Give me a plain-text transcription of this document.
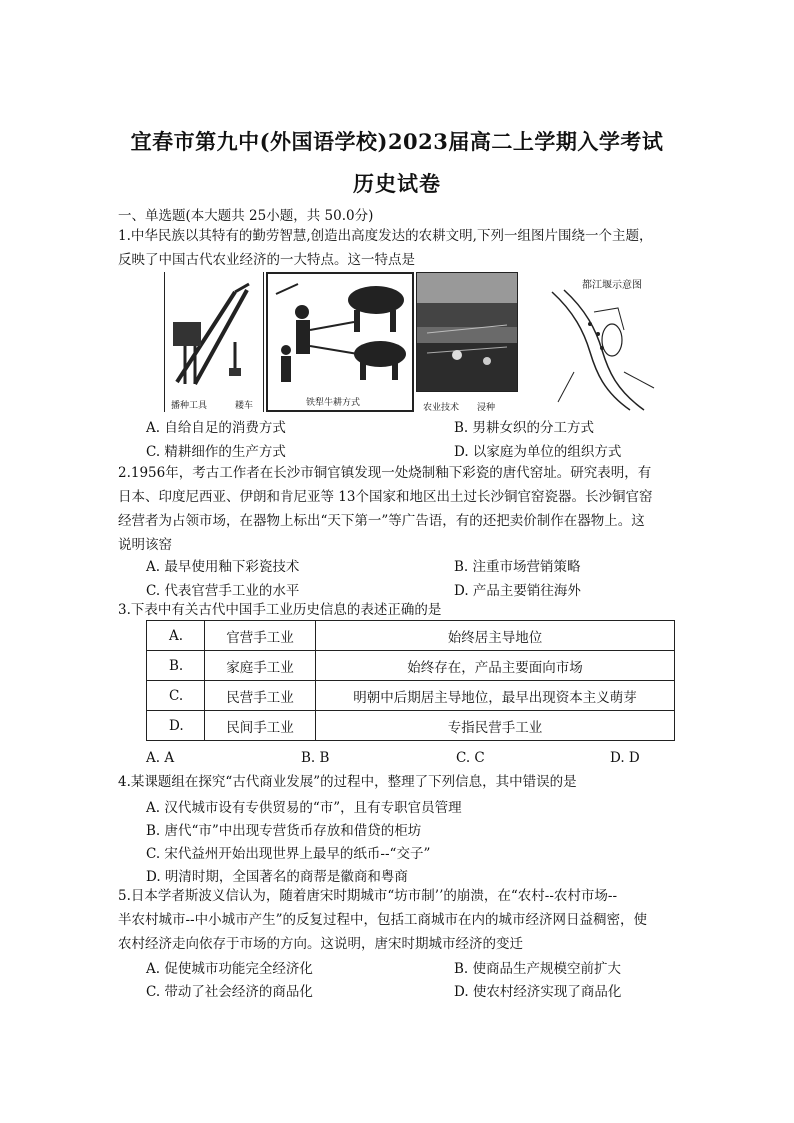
宜春市第九中(外国语学校)2023届高二上学期入学考试
历史试卷
一、单选题(本大题共 25小题，共 50.0分)
1.中华民族以其特有的勤劳智慧,创造出高度发达的农耕文明,下列一组图片围绕一个主题，
反映了中国古代农业经济的一大特点。这一特点是
播种工具	耧车	铁犁牛耕方式	农业技术 浸种
都江堰示意图
A. 自给自足的消费方式	B. 男耕女织的分工方式
C. 精耕细作的生产方式	D. 以家庭为单位的组织方式
2.1956年，考古工作者在长沙市铜官镇发现一处烧制釉下彩瓷的唐代窑址。研究表明，有
日本、印度尼西亚、伊朗和肯尼亚等 13个国家和地区出土过长沙铜官窑瓷器。长沙铜官窑
经营者为占领市场，在器物上标出“天下第一”等广告语，有的还把卖价制作在器物上。这
说明该窑
A. 最早使用釉下彩瓷技术	B. 注重市场营销策略
C. 代表官营手工业的水平	D. 产品主要销往海外
3.下表中有关古代中国手工业历史信息的表述正确的是
A.	官营手工业	始终居主导地位
B.	家庭手工业	始终存在，产品主要面向市场
C.	民营手工业	明朝中后期居主导地位，最早出现资本主义萌芽
D.	民间手工业	专指民营手工业
A. A	B. B	C. C	D. D
4.某课题组在探究“古代商业发展”的过程中，整理了下列信息，其中错误的是
A. 汉代城市设有专供贸易的“市”，且有专职官员管理
B. 唐代“市”中出现专营货币存放和借贷的柜坊
C. 宋代益州开始出现世界上最早的纸币--“交子”
D. 明清时期，全国著名的商帮是徽商和粤商
5.日本学者斯波义信认为，随着唐宋时期城市“坊市制’’的崩溃，在“农村--农村市场--
半农村城市--中小城市产生”的反复过程中，包括工商城市在内的城市经济网日益稠密，使
农村经济走向依存于市场的方向。这说明，唐宋时期城市经济的变迁
A. 促使城市功能完全经济化	B. 使商品生产规模空前扩大
C. 带动了社会经济的商品化	D. 使农村经济实现了商品化
